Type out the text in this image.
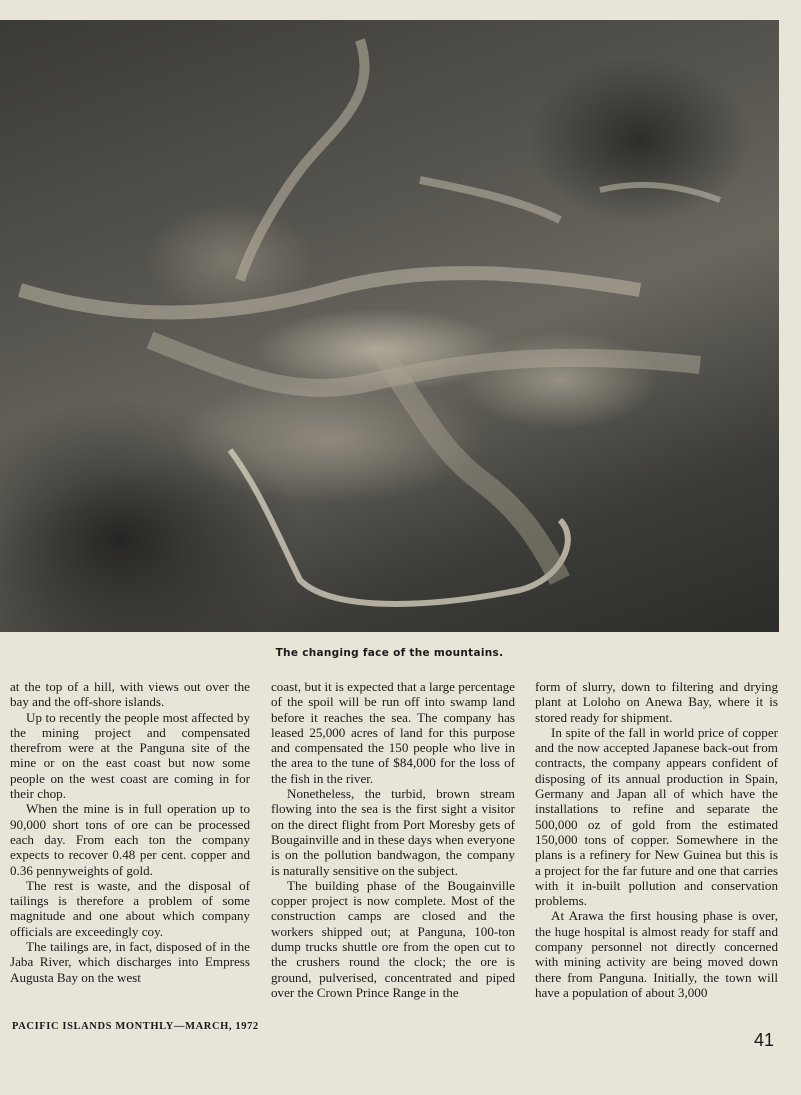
The changing face of the mountains.

at the top of a hill, with views out over the bay and the off-shore islands.

Up to recently the people most affected by the mining project and compensated therefrom were at the Panguna site of the mine or on the east coast but now some people on the west coast are coming in for their chop.

When the mine is in full operation up to 90,000 short tons of ore can be processed each day. From each ton the company expects to recover 0.48 per cent. copper and 0.36 pennyweights of gold.

The rest is waste, and the disposal of tailings is therefore a problem of some magnitude and one about which company officials are exceedingly coy.

The tailings are, in fact, disposed of in the Jaba River, which discharges into Empress Augusta Bay on the west

coast, but it is expected that a large percentage of the spoil will be run off into swamp land before it reaches the sea. The company has leased 25,000 acres of land for this purpose and compensated the 150 people who live in the area to the tune of $84,000 for the loss of the fish in the river.

Nonetheless, the turbid, brown stream flowing into the sea is the first sight a visitor on the direct flight from Port Moresby gets of Bougainville and in these days when everyone is on the pollution bandwagon, the company is naturally sensitive on the subject.

The building phase of the Bougainville copper project is now complete. Most of the construction camps are closed and the workers shipped out; at Panguna, 100-ton dump trucks shuttle ore from the open cut to the crushers round the clock; the ore is ground, pulverised, concentrated and piped over the Crown Prince Range in the

form of slurry, down to filtering and drying plant at Loloho on Anewa Bay, where it is stored ready for shipment.

In spite of the fall in world price of copper and the now accepted Japanese back-out from contracts, the company appears confident of disposing of its annual production in Spain, Germany and Japan all of which have the installations to refine and separate the 500,000 oz of gold from the estimated 150,000 tons of copper. Somewhere in the plans is a refinery for New Guinea but this is a project for the far future and one that carries with it in-built pollution and conservation problems.

At Arawa the first housing phase is over, the huge hospital is almost ready for staff and company personnel not directly concerned with mining activity are being moved down there from Panguna. Initially, the town will have a population of about 3,000

PACIFIC ISLANDS MONTHLY—MARCH, 1972
41
